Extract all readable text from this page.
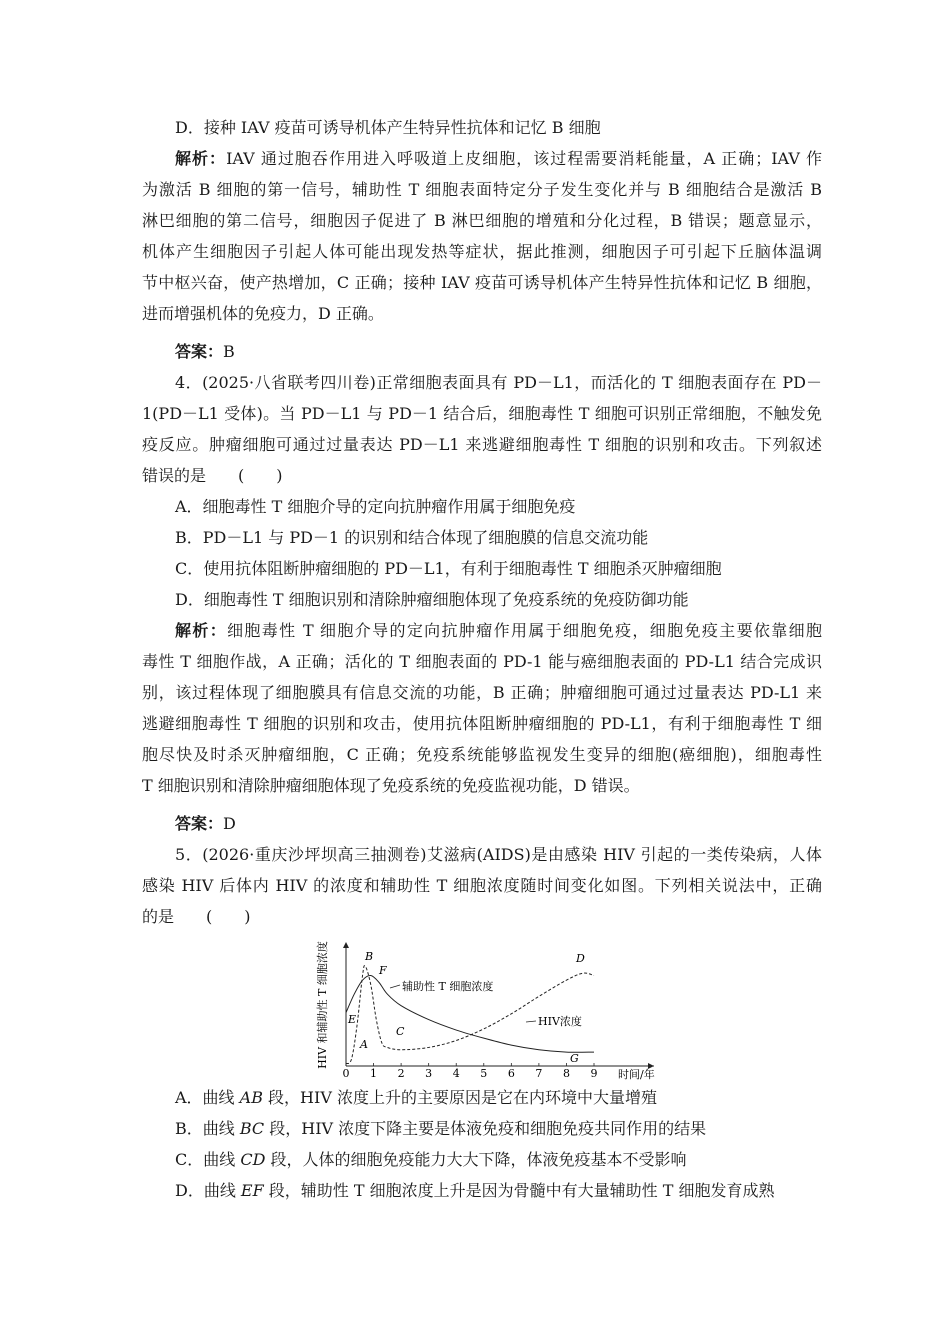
D．接种 IAV 疫苗可诱导机体产生特异性抗体和记忆 B 细胞
解析：IAV 通过胞吞作用进入呼吸道上皮细胞，该过程需要消耗能量，A 正确；IAV 作
为激活 B 细胞的第一信号，辅助性 T 细胞表面特定分子发生变化并与 B 细胞结合是激活 B
淋巴细胞的第二信号，细胞因子促进了 B 淋巴细胞的增殖和分化过程，B 错误；题意显示，
机体产生细胞因子引起人体可能出现发热等症状，据此推测，细胞因子可引起下丘脑体温调
节中枢兴奋，使产热增加，C 正确；接种 IAV 疫苗可诱导机体产生特异性抗体和记忆 B 细胞，
进而增强机体的免疫力，D 正确。
答案：B
4．(2025·八省联考四川卷)正常细胞表面具有 PD－L1，而活化的 T 细胞表面存在 PD－
1(PD－L1 受体)。当 PD－L1 与 PD－1 结合后，细胞毒性 T 细胞可识别正常细胞，不触发免
疫反应。肿瘤细胞可通过过量表达 PD－L1 来逃避细胞毒性 T 细胞的识别和攻击。下列叙述
错误的是　　(　　)
A．细胞毒性 T 细胞介导的定向抗肿瘤作用属于细胞免疫
B．PD－L1 与 PD－1 的识别和结合体现了细胞膜的信息交流功能
C．使用抗体阻断肿瘤细胞的 PD－L1，有利于细胞毒性 T 细胞杀灭肿瘤细胞
D．细胞毒性 T 细胞识别和清除肿瘤细胞体现了免疫系统的免疫防御功能
解析：细胞毒性 T 细胞介导的定向抗肿瘤作用属于细胞免疫，细胞免疫主要依靠细胞
毒性 T 细胞作战，A 正确；活化的 T 细胞表面的 PD-1 能与癌细胞表面的 PD-L1 结合完成识
别，该过程体现了细胞膜具有信息交流的功能，B 正确；肿瘤细胞可通过过量表达 PD-L1 来
逃避细胞毒性 T 细胞的识别和攻击，使用抗体阻断肿瘤细胞的 PD-L1，有利于细胞毒性 T 细
胞尽快及时杀灭肿瘤细胞，C 正确；免疫系统能够监视发生变异的细胞(癌细胞)，细胞毒性
T 细胞识别和清除肿瘤细胞体现了免疫系统的免疫监视功能，D 错误。
答案：D
5．(2026·重庆沙坪坝高三抽测卷)艾滋病(AIDS)是由感染 HIV 引起的一类传染病，人体
感染 HIV 后体内 HIV 的浓度和辅助性 T 细胞浓度随时间变化如图。下列相关说法中，正确
的是　　(　　)
HIV 和辅助性 T 细胞浓度
时间/年
0 1 2 3 4 5 6 7 8 9
辅助性 T 细胞浓度
HIV浓度
A
B
C
D
E
F
G
A．曲线 AB 段，HIV 浓度上升的主要原因是它在内环境中大量增殖
B．曲线 BC 段，HIV 浓度下降主要是体液免疫和细胞免疫共同作用的结果
C．曲线 CD 段，人体的细胞免疫能力大大下降，体液免疫基本不受影响
D．曲线 EF 段，辅助性 T 细胞浓度上升是因为骨髓中有大量辅助性 T 细胞发育成熟
